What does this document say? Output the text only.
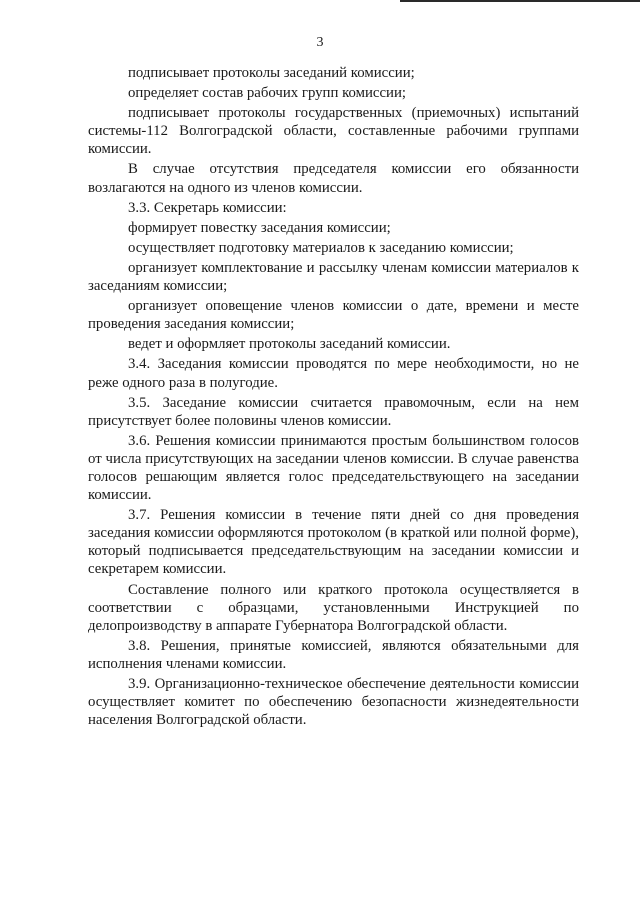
3

подписывает протоколы заседаний комиссии;

определяет состав рабочих групп комиссии;

подписывает протоколы государственных (приемочных) испытаний системы-112 Волгоградской области, составленные рабочими группами комиссии.

В случае отсутствия председателя комиссии его обязанности возлагаются на одного из членов комиссии.

3.3. Секретарь комиссии:

формирует повестку заседания комиссии;

осуществляет подготовку материалов к заседанию комиссии;

организует комплектование и рассылку членам комиссии материалов к заседаниям комиссии;

организует оповещение членов комиссии о дате, времени и месте проведения заседания комиссии;

ведет и оформляет протоколы заседаний комиссии.

3.4. Заседания комиссии проводятся по мере необходимости, но не реже одного раза в полугодие.

3.5. Заседание комиссии считается правомочным, если на нем присутствует более половины членов комиссии.

3.6. Решения комиссии принимаются простым большинством голосов от числа присутствующих на заседании членов комиссии. В случае равенства голосов решающим является голос председательствующего на заседании комиссии.

3.7. Решения комиссии в течение пяти дней со дня проведения заседания комиссии оформляются протоколом (в краткой или полной форме), который подписывается председательствующим на заседании комиссии и секретарем комиссии.

Составление полного или краткого протокола осуществляется в соответствии с образцами, установленными Инструкцией по делопроизводству в аппарате Губернатора Волгоградской области.

3.8. Решения, принятые комиссией, являются обязательными для исполнения членами комиссии.

3.9. Организационно-техническое обеспечение деятельности комиссии осуществляет комитет по обеспечению безопасности жизнедеятельности населения Волгоградской области.
